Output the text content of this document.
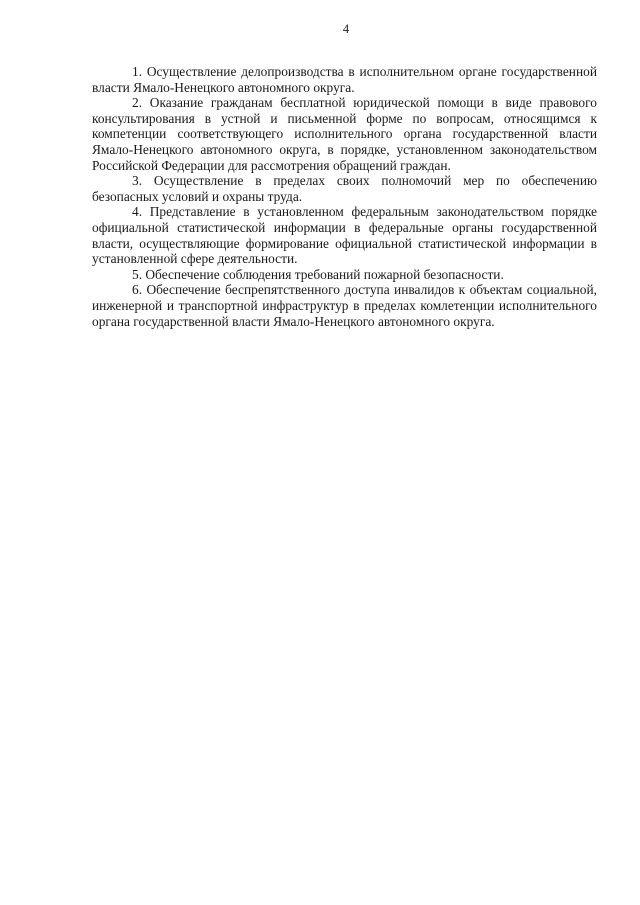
4

1. Осуществление делопроизводства в исполнительном органе государственной власти Ямало-Ненецкого автономного округа.

2. Оказание гражданам бесплатной юридической помощи в виде правового консультирования в устной и письменной форме по вопросам, относящимся к компетенции соответствующего исполнительного органа государственной власти Ямало-Ненецкого автономного округа, в порядке, установленном законодательством Российской Федерации для рассмотрения обращений граждан.

3. Осуществление в пределах своих полномочий мер по обеспечению безопасных условий и охраны труда.

4. Представление в установленном федеральным законодательством порядке официальной статистической информации в федеральные органы государственной власти, осуществляющие формирование официальной статистической информации в установленной сфере деятельности.

5. Обеспечение соблюдения требований пожарной безопасности.

6. Обеспечение беспрепятственного доступа инвалидов к объектам социальной, инженерной и транспортной инфраструктур в пределах комлетенции исполнительного органа государственной власти Ямало-Ненецкого автономного округа.
